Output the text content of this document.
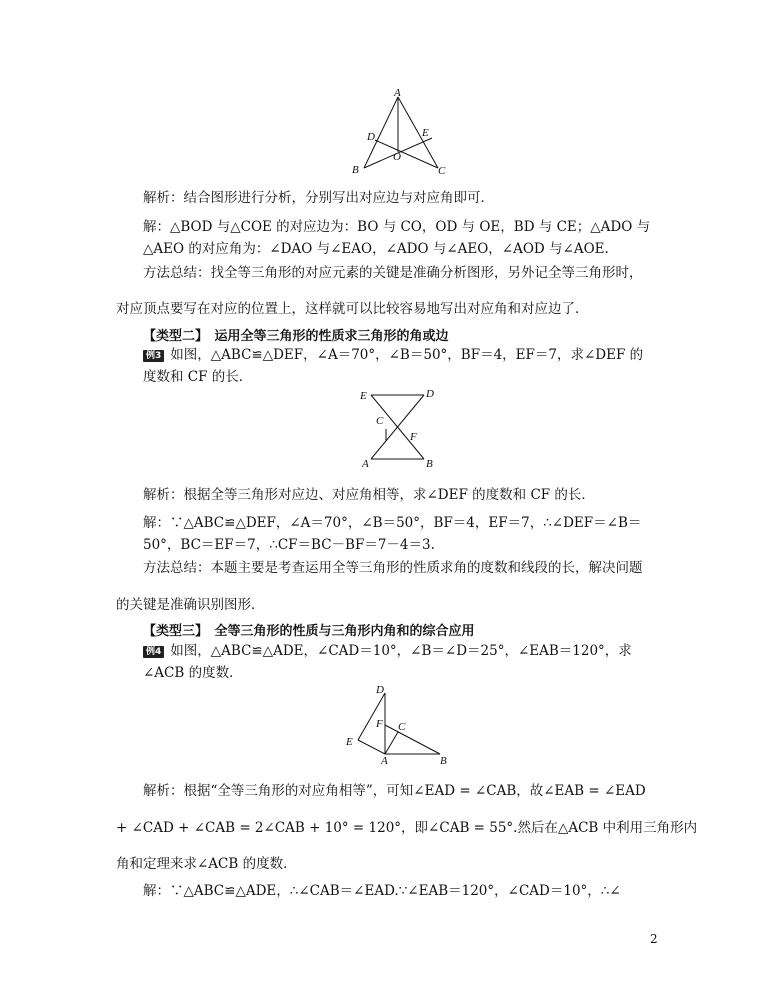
A
D	E
O
B	C

解析：结合图形进行分析，分别写出对应边与对应角即可．

解：△BOD 与△COE 的对应边为：BO 与 CO，OD 与 OE，BD 与 CE；△ADO 与△AEO 的对应角为：∠DAO 与∠EAO，∠ADO 与∠AEO，∠AOD 与∠AOE.

方法总结：找全等三角形的对应元素的关键是准确分析图形，另外记全等三角形时，

对应顶点要写在对应的位置上，这样就可以比较容易地写出对应角和对应边了．

【类型二】　运用全等三角形的性质求三角形的角或边

例3 如图，△ABC≌△DEF，∠A＝70°，∠B＝50°，BF＝4，EF＝7，求∠DEF 的度数和 CF 的长．

E	D
C
F
A	B

解析：根据全等三角形对应边、对应角相等，求∠DEF 的度数和 CF 的长．

解：∵△ABC≌△DEF，∠A＝70°，∠B＝50°，BF＝4，EF＝7，∴∠DEF＝∠B＝50°，BC＝EF＝7，∴CF＝BC－BF＝7－4＝3.

方法总结：本题主要是考查运用全等三角形的性质求角的度数和线段的长，解决问题

的关键是准确识别图形．

【类型三】　全等三角形的性质与三角形内角和的综合应用

例4 如图，△ABC≌△ADE，∠CAD＝10°，∠B＝∠D＝25°，∠EAB＝120°，求∠ACB 的度数．

D
F C
E
A	B

解析：根据“全等三角形的对应角相等”，可知∠EAD = ∠CAB，故∠EAB = ∠EAD

+ ∠CAD + ∠CAB = 2∠CAB + 10° = 120°，即∠CAB = 55°.然后在△ACB 中利用三角形内

角和定理来求∠ACB 的度数．

解：∵△ABC≌△ADE，∴∠CAB＝∠EAD.∵∠EAB＝120°，∠CAD＝10°，∴∠

2
